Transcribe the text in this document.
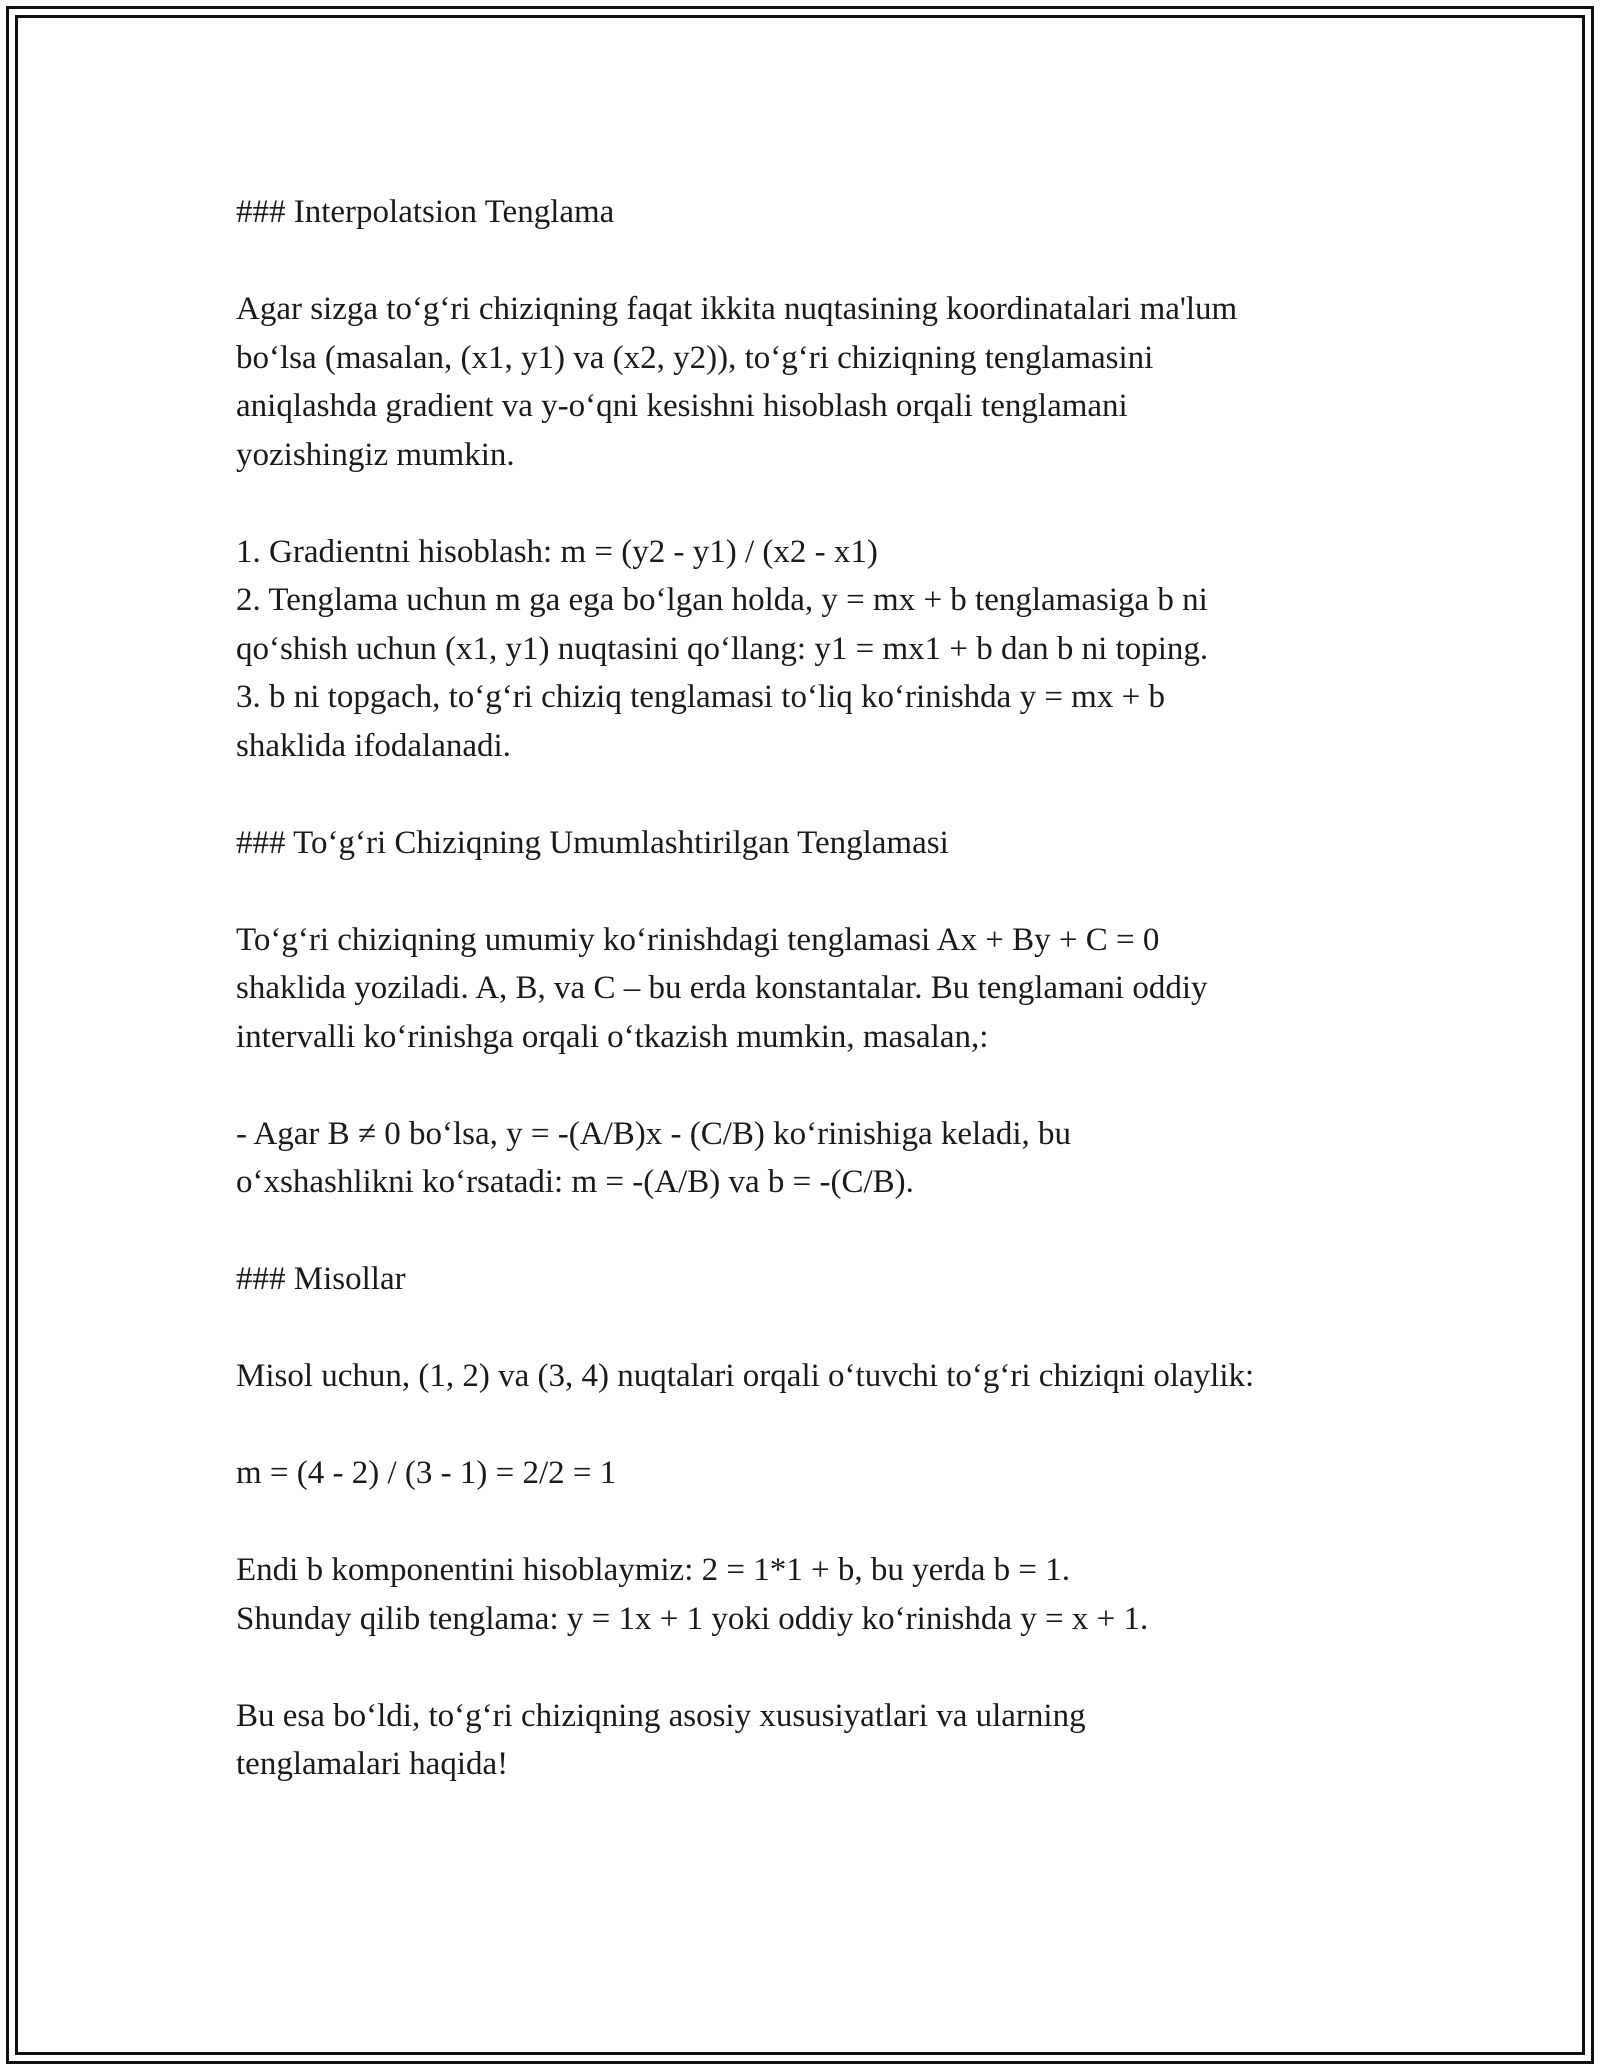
### Interpolatsion Tenglama
Agar sizga to‘g‘ri chiziqning faqat ikkita nuqtasining koordinatalari ma'lum
bo‘lsa (masalan, (x1, y1) va (x2, y2)), to‘g‘ri chiziqning tenglamasini
aniqlashda gradient va y-o‘qni kesishni hisoblash orqali tenglamani
yozishingiz mumkin.
1. Gradientni hisoblash: m = (y2 - y1) / (x2 - x1)
2. Tenglama uchun m ga ega bo‘lgan holda, y = mx + b tenglamasiga b ni
qo‘shish uchun (x1, y1) nuqtasini qo‘llang: y1 = mx1 + b dan b ni toping.
3. b ni topgach, to‘g‘ri chiziq tenglamasi to‘liq ko‘rinishda y = mx + b
shaklida ifodalanadi.
### To‘g‘ri Chiziqning Umumlashtirilgan Tenglamasi
To‘g‘ri chiziqning umumiy ko‘rinishdagi tenglamasi Ax + By + C = 0
shaklida yoziladi. A, B, va C – bu erda konstantalar. Bu tenglamani oddiy
intervalli ko‘rinishga orqali o‘tkazish mumkin, masalan,:
- Agar B ≠ 0 bo‘lsa, y = -(A/B)x - (C/B) ko‘rinishiga keladi, bu
o‘xshashlikni ko‘rsatadi: m = -(A/B) va b = -(C/B).
### Misollar
Misol uchun, (1, 2) va (3, 4) nuqtalari orqali o‘tuvchi to‘g‘ri chiziqni olaylik:
m = (4 - 2) / (3 - 1) = 2/2 = 1
Endi b komponentini hisoblaymiz: 2 = 1*1 + b, bu yerda b = 1.
Shunday qilib tenglama: y = 1x + 1 yoki oddiy ko‘rinishda y = x + 1.
Bu esa bo‘ldi, to‘g‘ri chiziqning asosiy xususiyatlari va ularning
tenglamalari haqida!
